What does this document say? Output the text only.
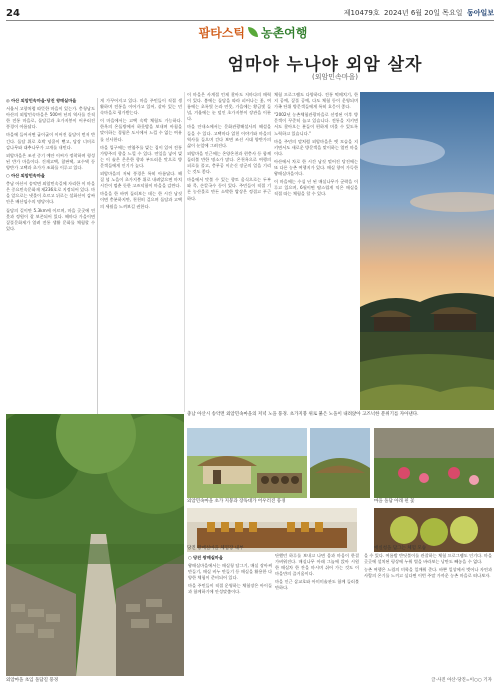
24	제10479호 2024년 6월 20일 목요일 동아일보
팜타스틱 농촌여행
엄마야 누나야 외암 살자
(외암민속마을)

◎ 아산 외암민속마을·당진 왕매실마을

서울서 고향처럼 따뜻한 마을이 있는가. 충청남도 아산의 외암민속마을은 500여 년의 역사를 간직한 전통 마을로, 돌담길과 초가지붕이 어우러진 풍경이 아름답다.

마을에 들어서면 굽이굽이 이어진 돌담이 먼저 반긴다. 돌담 위로 호박 넝쿨이 뻗고, 담장 너머로 감나무와 대추나무가 고개를 내민다.

외암마을은 조선 중기 예안 이씨가 정착하며 형성된 반가 마을이다. 건재고택, 참판댁, 교수댁 등 양반가 고택과 초가가 조화를 이루고 있다.

○ 아산 외암민속마을

충남 아산시 송악면 외암민속길에 자리한 이 마을은 중요민속문화재 제236호로 지정되어 있다. 마을 앞으로는 냇물이 흐르고 뒤로는 설화산이 감싸 안은 배산임수의 명당이다.

돌담의 길이만 5.3km에 이르며, 마을 곳곳에 연못과 정원이 잘 보존되어 있다. 해마다 가을이면 짚풀문화제가 열려 전통 생활 문화를 체험할 수 있다.

게 가꾸어지고 있다. 마을 주민들이 직접 생활하며 전통을 이어가고 있어, 살아 있는 민속마을로 평가받는다.

이 마을에서는 고택 숙박 체험도 가능하다. 한옥의 온돌방에서 하룻밤을 보내며 아침을 맞이하는 경험은 도시에서 느낄 수 없는 여유를 선사한다.

마을 입구에는 연엽주를 빚는 집이 있어 전통 가양주의 향을 느낄 수 있다. 연잎을 넣어 빚는 이 술은 은은한 향과 부드러운 맛으로 방문객들에게 인기가 높다.

외암마을의 저녁 풍경은 특히 아름답다. 해 질 녘 노을이 초가지붕 위로 내려앉으면 마치 시간이 멈춘 듯한 고즈넉함이 마을을 감싼다.

마을을 한 바퀴 둘러보는 데는 한 시간 남짓이면 충분하지만, 천천히 걸으며 돌담과 고택의 세월을 느껴보길 권한다.

이 마을은 사계절 언제 찾아도 저마다의 매력이 있다. 봄에는 돌담을 따라 피어나는 꽃, 여름에는 초록빛 논과 연못, 가을에는 황금빛 들녘, 겨울에는 눈 덮인 초가지붕이 장관을 이룬다.

마을 안내소에서는 문화관광해설사의 해설을 들을 수 있다. 고택마다 얽힌 이야기와 마을의 역사를 들으며 걷다 보면 조선 시대 양반가의 삶이 눈앞에 그려진다.

외암마을 인근에는 온양온천과 현충사 등 함께 둘러볼 만한 명소가 많다. 온천욕으로 여행의 피로를 풀고, 충무공 이순신 장군의 얼을 기리는 것도 좋다.

마을에서 맛볼 수 있는 향토 음식으로는 두부와 묵, 손칼국수 등이 있다. 주민들이 직접 기른 농산물로 만든 소박한 밥상은 정겹고 푸근하다.

체험 프로그램도 다양하다. 전통 떡메치기, 한지 공예, 짚풀 공예, 다도 체험 등이 운영되며 가족 단위 방문객들에게 특히 호응이 좋다.

"2002년 농촌체험관광마을로 선정된 이후 방문객이 꾸준히 늘고 있습니다. 전통을 지키면서도 찾아오는 분들이 편하게 머물 수 있도록 노력하고 있습니다."

마을 주민의 말처럼 외암마을은 옛 모습을 지키면서도 새로운 방문객을 맞이하는 열린 마을이다.

아산에서 차로 한 시간 남짓 떨어진 당진에는 또 다른 농촌 여행지가 있다. 매실 향이 가득한 왕매실마을이다.

이 마을에는 수십 년 된 매실나무가 군락을 이루고 있으며, 6월이면 탐스럽게 익은 매실을 직접 따는 체험을 할 수 있다.

외암마을 초입 돌담길 풍경
충남 아산시 송악면 외암민속마을의 저녁 노을 풍경. 초가지붕 위로 붉은 노을이 내려앉아 고즈넉한 분위기를 자아낸다.
외암민속마을 초가 지붕과 장독대가 어우러진 풍경
당진 왕매실마을 체험장 내부
마을 돌담 아래 핀 꽃
매실청을 담그는 체험 모습

○ 당진 왕매실마을

왕매실마을에서는 매실청 담그기, 매실 장아찌 만들기, 매실 비누 만들기 등 매실을 활용한 다양한 체험이 준비되어 있다.

마을 주민들이 직접 운영하는 체험장은 아이들과 함께하기에 안성맞춤이다.

단했던 하루를 보내고 나면 몸과 마음이 한결 가벼워진다. 매실나무 아래 그늘에 앉아 시원한 매실차 한 잔을 마시며 쉬어 가는 것도 이 마을만의 즐거움이다.

마을 인근 삽교호와 아미미술관도 함께 들러볼 만하다.

을 수 있다. 여름밤 반딧불이를 관찰하는 체험 프로그램도 인기다. 마을 곳곳에 설치된 평상에 누워 별을 바라보는 낭만도 빼놓을 수 없다.

농촌 여행은 느림의 미학을 일깨워 준다. 바쁜 일상에서 벗어나 자연과 사람의 온기를 느끼고 싶다면 이번 주말 가까운 농촌 마을로 떠나보자.

글·사진 아산·당진=이○○ 기자
